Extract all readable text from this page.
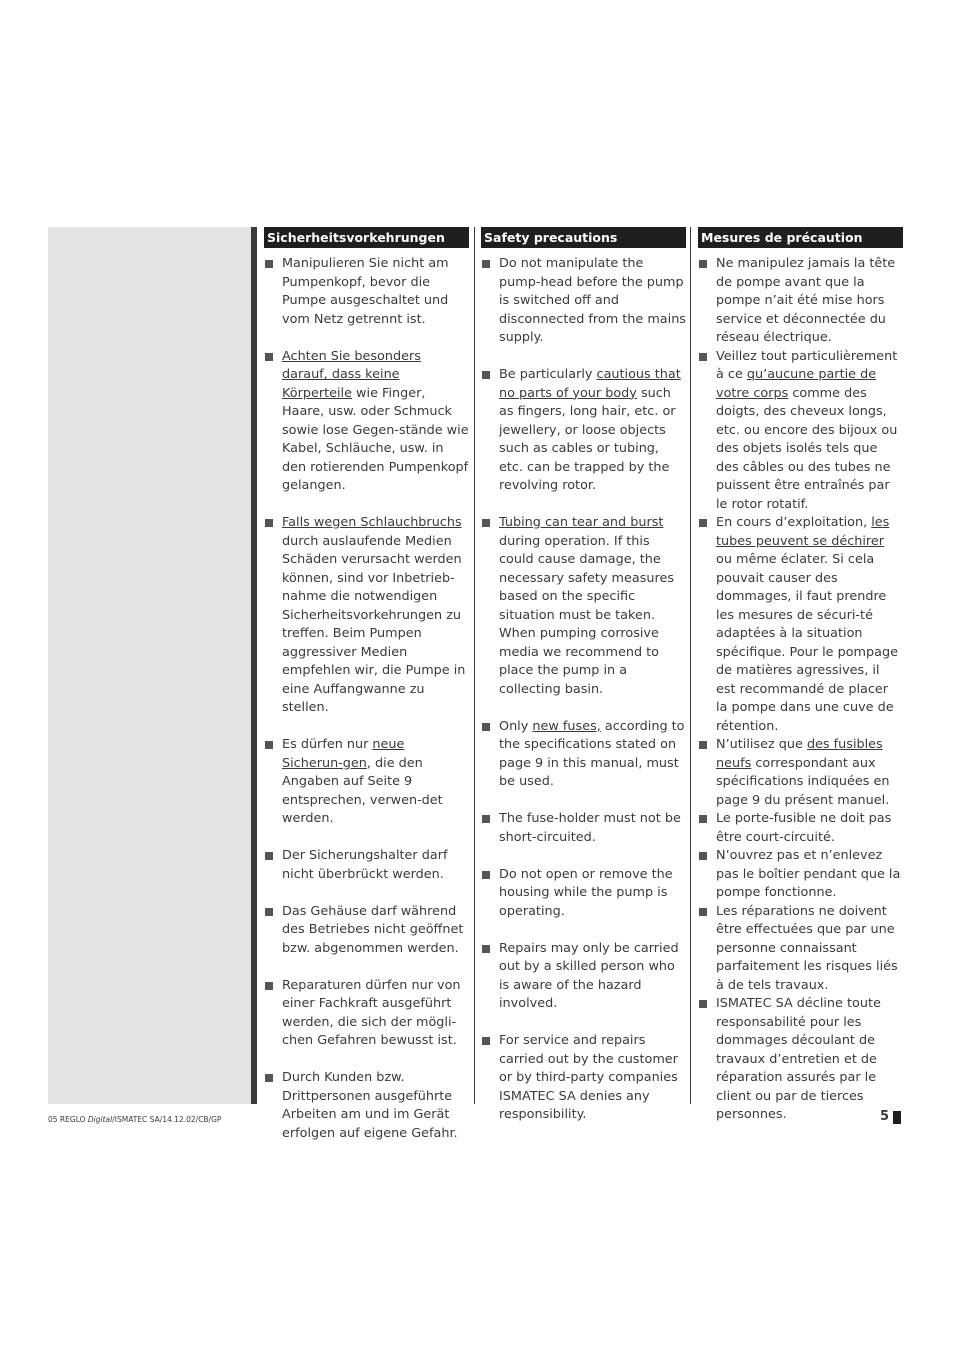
Sicherheitsvorkehrungen
Manipulieren Sie nicht am Pumpenkopf, bevor die Pumpe ausgeschaltet und vom Netz getrennt ist.
Achten Sie besonders darauf, dass keine Körperteile wie Finger, Haare, usw. oder Schmuck sowie lose Gegen-stände wie Kabel, Schläuche, usw. in den rotierenden Pumpenkopf gelangen.
Falls wegen Schlauchbruchs durch auslaufende Medien Schäden verursacht werden können, sind vor Inbetrieb-nahme die notwendigen Sicherheitsvorkehrungen zu treffen. Beim Pumpen aggressiver Medien empfehlen wir, die Pumpe in eine Auffangwanne zu stellen.
Es dürfen nur neue Sicherun-gen, die den Angaben auf Seite 9 entsprechen, verwen-det werden.
Der Sicherungshalter darf nicht überbrückt werden.
Das Gehäuse darf während des Betriebes nicht geöffnet bzw. abgenommen werden.
Reparaturen dürfen nur von einer Fachkraft ausgeführt werden, die sich der mögli-chen Gefahren bewusst ist.
Durch Kunden bzw. Drittpersonen ausgeführte Arbeiten am und im Gerät erfolgen auf eigene Gefahr.
Safety precautions
Do not manipulate the pump-head before the pump is switched off and disconnected from the mains supply.
Be particularly cautious that no parts of your body such as fingers, long hair, etc. or jewellery, or loose objects such as cables or tubing, etc. can be trapped by the revolving rotor.
Tubing can tear and burst during operation. If this could cause damage, the necessary safety measures based on the specific situation must be taken. When pumping corrosive media we recommend to place the pump in a collecting basin.
Only new fuses, according to the specifications stated on page 9 in this manual, must be used.
The fuse-holder must not be short-circuited.
Do not open or remove the housing while the pump is operating.
Repairs may only be carried out by a skilled person who is aware of the hazard involved.
For service and repairs carried out by the customer or by third-party companies ISMATEC SA denies any responsibility.
Mesures de précaution
Ne manipulez jamais la tête de pompe avant que la pompe n’ait été mise hors service et déconnectée du réseau électrique.
Veillez tout particulièrement à ce qu’aucune partie de votre corps comme des doigts, des cheveux longs, etc. ou encore des bijoux ou des objets isolés tels que des câbles ou des tubes ne puissent être entraînés par le rotor rotatif.
En cours d’exploitation, les tubes peuvent se déchirer ou même éclater. Si cela pouvait causer des dommages, il faut prendre les mesures de sécuri-té adaptées à la situation spécifique. Pour le pompage de matières agressives, il est recommandé de placer la pompe dans une cuve de rétention.
N’utilisez que des fusibles neufs correspondant aux spécifications indiquées en page 9 du présent manuel.
Le porte-fusible ne doit pas être court-circuité.
N’ouvrez pas et n’enlevez pas le boîtier pendant que la pompe fonctionne.
Les réparations ne doivent être effectuées que par une personne connaissant parfaitement les risques liés à de tels travaux.
ISMATEC SA décline toute responsabilité pour les dommages découlant de travaux d’entretien et de réparation assurés par le client ou par de tierces personnes.
05 REGLO Digital/ISMATEC SA/14.12.02/CB/GP	5
